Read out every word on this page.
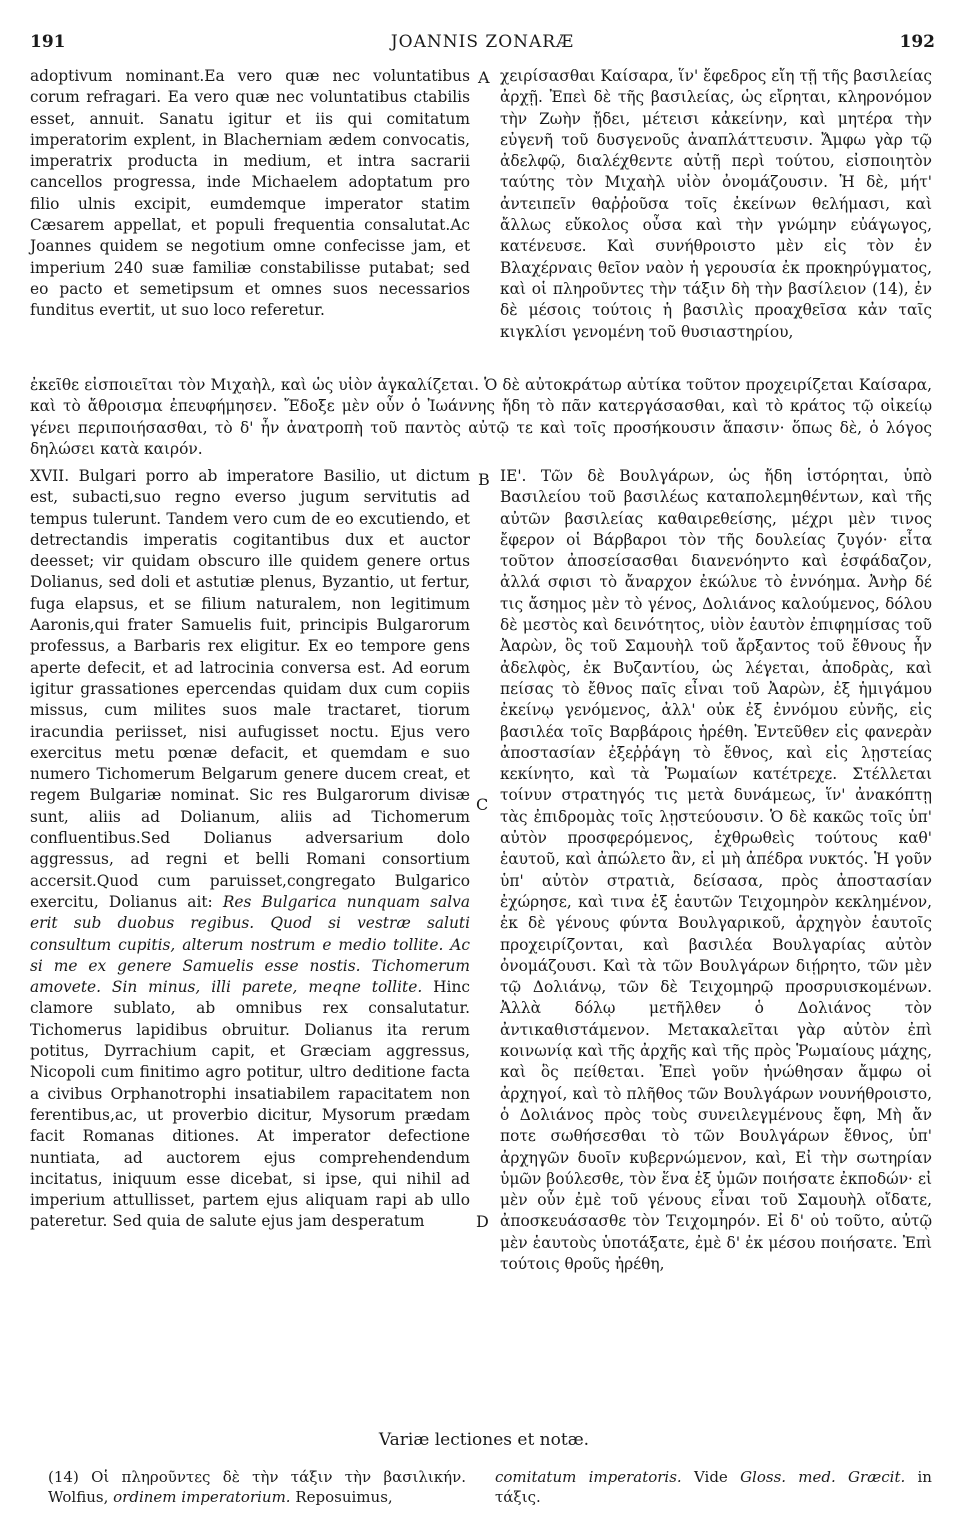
191	JOANNIS ZONARÆ	192

adoptivum nominant.Ea vero quæ nec voluntatibus corum refragari. Ea vero quæ nec voluntatibus ctabilis esset, annuit. Sanatu igitur et iis qui comitatum imperatorim explent, in Blacherniam ædem convocatis, imperatrix producta in medium, et intra sacrarii cancellos progressa, inde Michaelem adoptatum pro filio ulnis excipit, eumdemque imperator statim Cæsarem appellat, et populi frequentia consalutat.Ac Joannes quidem se negotium omne confecisse jam, et imperium 240 suæ familiæ constabilisse putabat; sed eo pacto et semetipsum et omnes suos necessarios funditus evertit, ut suo loco referetur.

A χειρίσασθαι Καίσαρα, ἵν' ἔφεδρος εἴη τῇ τῆς βασιλείας ἀρχῇ. Ἐπεὶ δὲ τῆς βασιλείας, ὡς εἴρηται, κληρονόμον τὴν Ζωὴν ᾔδει, μέτεισι κἀκείνην, καὶ μητέρα τὴν εὐγενῆ τοῦ δυσγενοῦς ἀναπλάττευσιν. Ἄμφω γὰρ τῷ ἀδελφῷ, διαλέχθεντε αὐτῇ περὶ τούτου, εἰσποιητὸν ταύτης τὸν Μιχαὴλ υἱὸν ὀνομάζουσιν. Ἡ δὲ, μήτ' ἀντειπεῖν θαῤῥοῦσα τοῖς ἐκείνων θελήμασι, καὶ ἄλλως εὔκολος οὖσα καὶ τὴν γνώμην εὐάγωγος, κατένευσε. Καὶ συνήθροιστο μὲν εἰς τὸν ἐν Βλαχέρναις θεῖον ναὸν ἡ γερουσία ἐκ προκηρύγματος, καὶ οἱ πληροῦντες τὴν τάξιν δὴ τὴν βασίλειον (14), ἐν δὲ μέσοις τούτοις ἡ βασιλὶς προαχθεῖσα κἀν ταῖς κιγκλίσι γενομένη τοῦ θυσιαστηρίου,

ἐκεῖθε εἰσποιεῖται τὸν Μιχαὴλ, καὶ ὡς υἱὸν ἀγκαλίζεται. Ὁ δὲ αὐτοκράτωρ αὐτίκα τοῦτον προχειρίζεται Καίσαρα, καὶ τὸ ἄθροισμα ἐπευφήμησεν. Ἔδοξε μὲν οὖν ὁ Ἰωάννης ἤδη τὸ πᾶν κατεργάσασθαι, καὶ τὸ κράτος τῷ οἰκείῳ γένει περιποιήσασθαι, τὸ δ' ἦν ἀνατροπὴ τοῦ παντὸς αὐτῷ τε καὶ τοῖς προσήκουσιν ἅπασιν· ὅπως δὲ, ὁ λόγος δηλώσει κατὰ καιρόν.

XVII. Bulgari porro ab imperatore Basilio, ut dictum est, subacti,suo regno everso jugum servitutis ad tempus tulerunt. Tandem vero cum de eo excutiendo, et detrectandis imperatis cogitantibus dux et auctor deesset; vir quidam obscuro ille quidem genere ortus Dolianus, sed doli et astutiæ plenus, Byzantio, ut fertur, fuga elapsus, et se filium naturalem, non legitimum Aaronis,qui frater Samuelis fuit, principis Bulgarorum professus, a Barbaris rex eligitur. Ex eo tempore gens aperte defecit, et ad latrocinia conversa est. Ad eorum igitur grassationes epercendas quidam dux cum copiis missus, cum milites suos male tractaret, tiorum iracundia periisset, nisi aufugisset noctu. Ejus vero exercitus metu pœnæ defacit, et quemdam e suo numero Tichomerum Belgarum genere ducem creat, et regem Bulgariæ nominat. Sic res Bulgarorum divisæ sunt, aliis ad Dolianum, aliis ad Tichomerum confluentibus.Sed Dolianus adversarium dolo aggressus, ad regni et belli Romani consortium accersit.Quod cum paruisset,congregato Bulgarico exercitu, Dolianus ait: Res Bulgarica nunquam salva erit sub duobus regibus. Quod si vestræ saluti consultum cupitis, alterum nostrum e medio tollite. Ac si me ex genere Samuelis esse nostis. Tichomerum amovete. Sin minus, illi parete, meqne tollite. Hinc clamore sublato, ab omnibus rex consalutatur. Tichomerus lapidibus obruitur. Dolianus ita rerum potitus, Dyrrachium capit, et Græciam aggressus, Nicopoli cum finitimo agro potitur, ultro deditione facta a civibus Orphanotrophi insatiabilem rapacitatem non ferentibus,ac, ut proverbio dicitur, Mysorum prædam facit Romanas ditiones. At imperator defectione nuntiata, ad auctorem ejus comprehendendum incitatus, iniquum esse dicebat, si ipse, qui nihil ad imperium attullisset, partem ejus aliquam rapi ab ullo pateretur. Sed quia de salute ejus jam desperatum

B
C
D

ΙΕ'. Τῶν δὲ Βουλγάρων, ὡς ἤδη ἱστόρηται, ὑπὸ Βασιλείου τοῦ βασιλέως καταπολεμηθέντων, καὶ τῆς αὐτῶν βασιλείας καθαιρεθείσης, μέχρι μὲν τινος ἔφερον οἱ Βάρβαροι τὸν τῆς δουλείας ζυγόν· εἶτα τοῦτον ἀποσείσασθαι διανενόηντο καὶ ἐσφάδαζον, ἀλλά σφισι τὸ ἄναρχον ἐκώλυε τὸ ἐννόημα. Ἀνὴρ δέ τις ἄσημος μὲν τὸ γένος, Δολιάνος καλούμενος, δόλου δὲ μεστὸς καὶ δεινότητος, υἱὸν ἑαυτὸν ἐπιφημίσας τοῦ Ἀαρὼν, ὃς τοῦ Σαμουὴλ τοῦ ἄρξαντος τοῦ ἔθνους ἦν ἀδελφὸς, ἐκ Βυζαντίου, ὡς λέγεται, ἀποδρὰς, καὶ πείσας τὸ ἔθνος παῖς εἶναι τοῦ Ἀαρὼν, ἐξ ἡμιγάμου ἐκείνῳ γενόμενος, ἀλλ' οὐκ ἐξ ἐννόμου εὐνῆς, εἰς βασιλέα τοῖς Βαρβάροις ἡρέθη. Ἐντεῦθεν εἰς φανερὰν ἀποστασίαν ἐξεῤῥάγη τὸ ἔθνος, καὶ εἰς λῃστείας κεκίνητο, καὶ τὰ Ῥωμαίων κατέτρεχε. Στέλλεται τοίνυν στρατηγός τις μετὰ δυνάμεως, ἵν' ἀνακόπτῃ τὰς ἐπιδρομὰς τοῖς λῃστεύουσιν. Ὁ δὲ κακῶς τοῖς ὑπ' αὐτὸν προσφερόμενος, ἐχθρωθεὶς τούτους καθ' ἑαυτοῦ, καὶ ἀπώλετο ἂν, εἰ μὴ ἀπέδρα νυκτός. Ἡ γοῦν ὑπ' αὐτὸν στρατιὰ, δείσασα, πρὸς ἀποστασίαν ἐχώρησε, καὶ τινα ἐξ ἑαυτῶν Τειχομηρὸν κεκλημένον, ἐκ δὲ γένους φύντα Βουλγαρικοῦ, ἀρχηγὸν ἑαυτοῖς προχειρίζονται, καὶ βασιλέα Βουλγαρίας αὐτὸν ὀνομάζουσι. Καὶ τὰ τῶν Βουλγάρων διῄρητο, τῶν μὲν τῷ Δολιάνῳ, τῶν δὲ Τειχομηρῷ προσρυισκομένων. Ἀλλὰ δόλῳ μετῆλθεν ὁ Δολιάνος τὸν ἀντικαθιστάμενον. Μετακαλεῖται γὰρ αὐτὸν ἐπὶ κοινωνίᾳ καὶ τῆς ἀρχῆς καὶ τῆς πρὸς Ῥωμαίους μάχης, καὶ ὃς πείθεται. Ἐπεὶ γοῦν ἠνώθησαν ἄμφω οἱ ἀρχηγοί, καὶ τὸ πλῆθος τῶν Βουλγάρων νουνήθροιστο, ὁ Δολιάνος πρὸς τοὺς συνειλεγμένους ἔφη, Μὴ ἄν ποτε σωθήσεσθαι τὸ τῶν Βουλγάρων ἔθνος, ὑπ' ἀρχηγῶν δυοῖν κυβερνώμενον, καὶ, Εἰ τὴν σωτηρίαν ὑμῶν βούλεσθε, τὸν ἕνα ἐξ ὑμῶν ποιήσατε ἐκποδών· εἰ μὲν οὖν ἐμὲ τοῦ γένους εἶναι τοῦ Σαμουὴλ οἴδατε, ἀποσκευάσασθε τὸν Τειχομηρόν. Εἰ δ' οὐ τοῦτο, αὐτῷ μὲν ἑαυτοὺς ὑποτάξατε, ἐμὲ δ' ἐκ μέσου ποιήσατε. Ἐπὶ τούτοις θροῦς ἠρέθη,

Variæ lectiones et notæ.

(14) Οἱ πληροῦντες δὲ τὴν τάξιν τὴν βασιλικήν. Wolfius, ordinem imperatorium. Reposuimus,

comitatum imperatoris. Vide Gloss. med. Græcit. in τάξις.
